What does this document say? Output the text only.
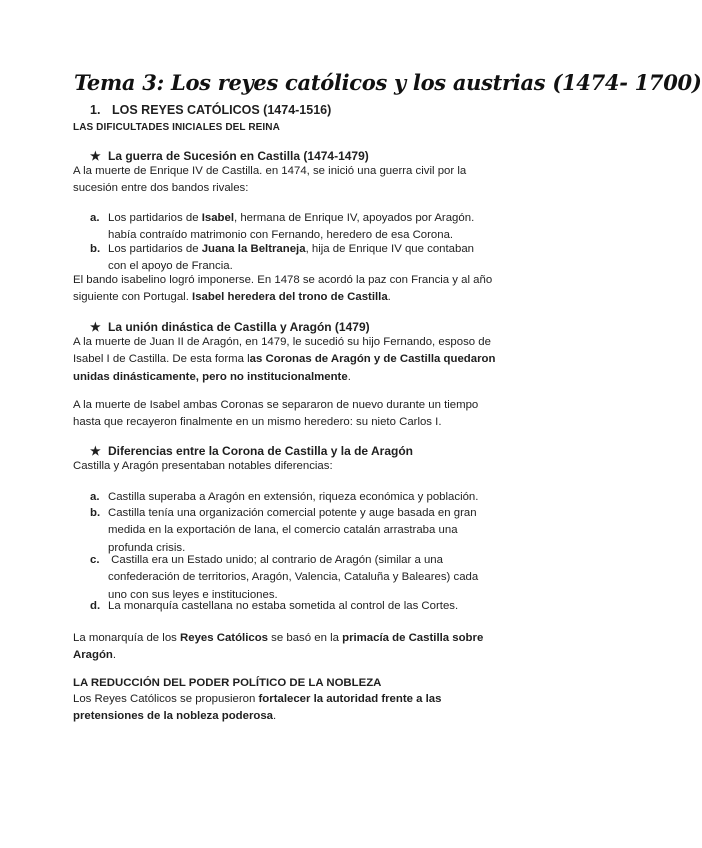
Tema 3: Los reyes católicos y los austrias (1474- 1700)
1. LOS REYES CATÓLICOS (1474-1516)
LAS DIFICULTADES INICIALES DEL REINA
★ La guerra de Sucesión en Castilla (1474-1479)
A la muerte de Enrique IV de Castilla. en 1474, se inició una guerra civil por la
sucesión entre dos bandos rivales:
a. Los partidarios de Isabel, hermana de Enrique IV, apoyados por Aragón.
había contraído matrimonio con Fernando, heredero de esa Corona.
b. Los partidarios de Juana la Beltraneja, hija de Enrique IV que contaban
con el apoyo de Francia.
El bando isabelino logró imponerse. En 1478 se acordó la paz con Francia y al año
siguiente con Portugal. Isabel heredera del trono de Castilla.
★ La unión dinástica de Castilla y Aragón (1479)
A la muerte de Juan II de Aragón, en 1479, le sucedió su hijo Fernando, esposo de
Isabel I de Castilla. De esta forma las Coronas de Aragón y de Castilla quedaron
unidas dinásticamente, pero no institucionalmente.
A la muerte de Isabel ambas Coronas se separaron de nuevo durante un tiempo
hasta que recayeron finalmente en un mismo heredero: su nieto Carlos I.
★ Diferencias entre la Corona de Castilla y la de Aragón
Castilla y Aragón presentaban notables diferencias:
a. Castilla superaba a Aragón en extensión, riqueza económica y población.
b. Castilla tenía una organización comercial potente y auge basada en gran
medida en la exportación de lana, el comercio catalán arrastraba una
profunda crisis.
c. Castilla era un Estado unido; al contrario de Aragón (similar a una
confederación de territorios, Aragón, Valencia, Cataluña y Baleares) cada
uno con sus leyes e instituciones.
d. La monarquía castellana no estaba sometida al control de las Cortes.
La monarquía de los Reyes Católicos se basó en la primacía de Castilla sobre
Aragón.
LA REDUCCIÓN DEL PODER POLÍTICO DE LA NOBLEZA
Los Reyes Católicos se propusieron fortalecer la autoridad frente a las
pretensiones de la nobleza poderosa.
